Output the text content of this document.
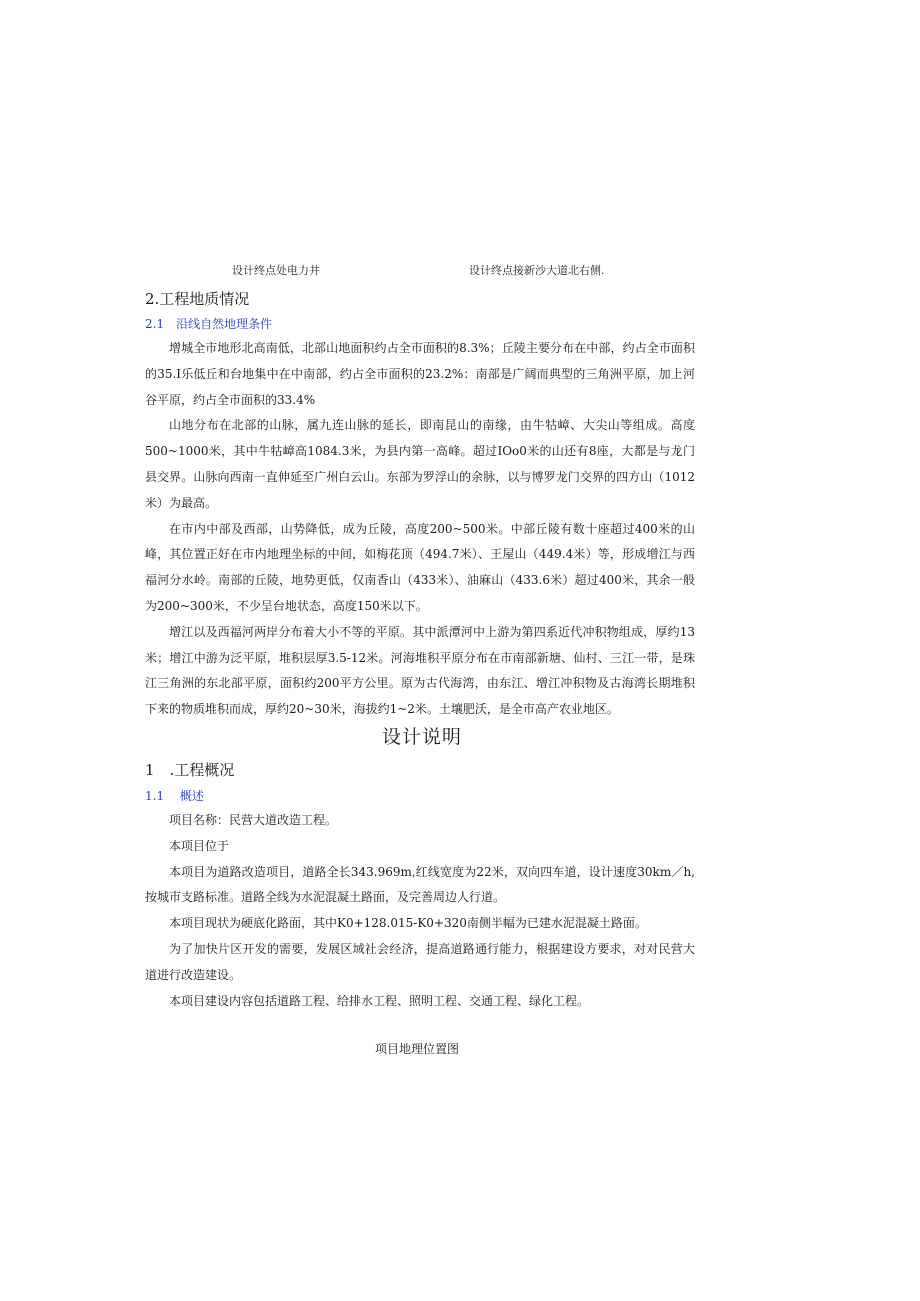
设计终点处电力井	设计终点接新沙大道北右侧.
2.工程地质情况
2.1　沿线自然地理条件

增城全市地形北高南低，北部山地面积约占全市面积的8.3%；丘陵主要分布在中部，约占全市面积的35.I乐低丘和台地集中在中南部，约占全市面积的23.2%：南部是广阔而典型的三角洲平原，加上河谷平原，约占全市面积的33.4%

山地分布在北部的山脉，属九连山脉的延长，即南昆山的南缘，由牛牯嶂、大尖山等组成。高度500~1000米，其中牛牯嶂高1084.3米，为县内第一高峰。超过IOo0米的山还有8座，大都是与龙门县交界。山脉向西南一直伸延至广州白云山。东部为罗浮山的余脉，以与博罗龙门交界的四方山（1012米）为最高。

在市内中部及西部，山势降低，成为丘陵，高度200~500米。中部丘陵有数十座超过400米的山峰，其位置正好在市内地理坐标的中间，如梅花顶（494.7米）、王屋山（449.4米）等，形成增江与西福河分水岭。南部的丘陵，地势更低，仅南香山（433米）、油麻山（433.6米）超过400米，其余一般为200~300米，不少呈台地状态，高度150米以下。

增江以及西福河两岸分布着大小不等的平原。其中派潭河中上游为第四系近代冲积物组成，厚约13米；增江中游为泛平原，堆积层厚3.5-12米。河海堆积平原分布在市南部新塘、仙村、三江一带，是珠江三角洲的东北部平原，面积约200平方公里。原为古代海湾，由东江、增江冲积物及古海湾长期堆积下来的物质堆积而成，厚约20~30米，海拔约1~2米。土壤肥沃，是全市高产农业地区。

设计说明
1　.工程概况
1.1　 概述

项目名称：民营大道改造工程。

本项目位于

本项目为道路改造项目，道路全长343.969m,红线宽度为22米，双向四车道，设计速度30km／h,按城市支路标准。道路全线为水泥混凝土路面，及完善周边人行道。

本项目现状为硬底化路面，其中K0+128.015-K0+320南侧半幅为已建水泥混凝土路面。

为了加快片区开发的需要，发展区域社会经济，提高道路通行能力，根据建设方要求，对对民营大道进行改造建设。

本项目建设内容包括道路工程、给排水工程、照明工程、交通工程、绿化工程。

项目地理位置图
